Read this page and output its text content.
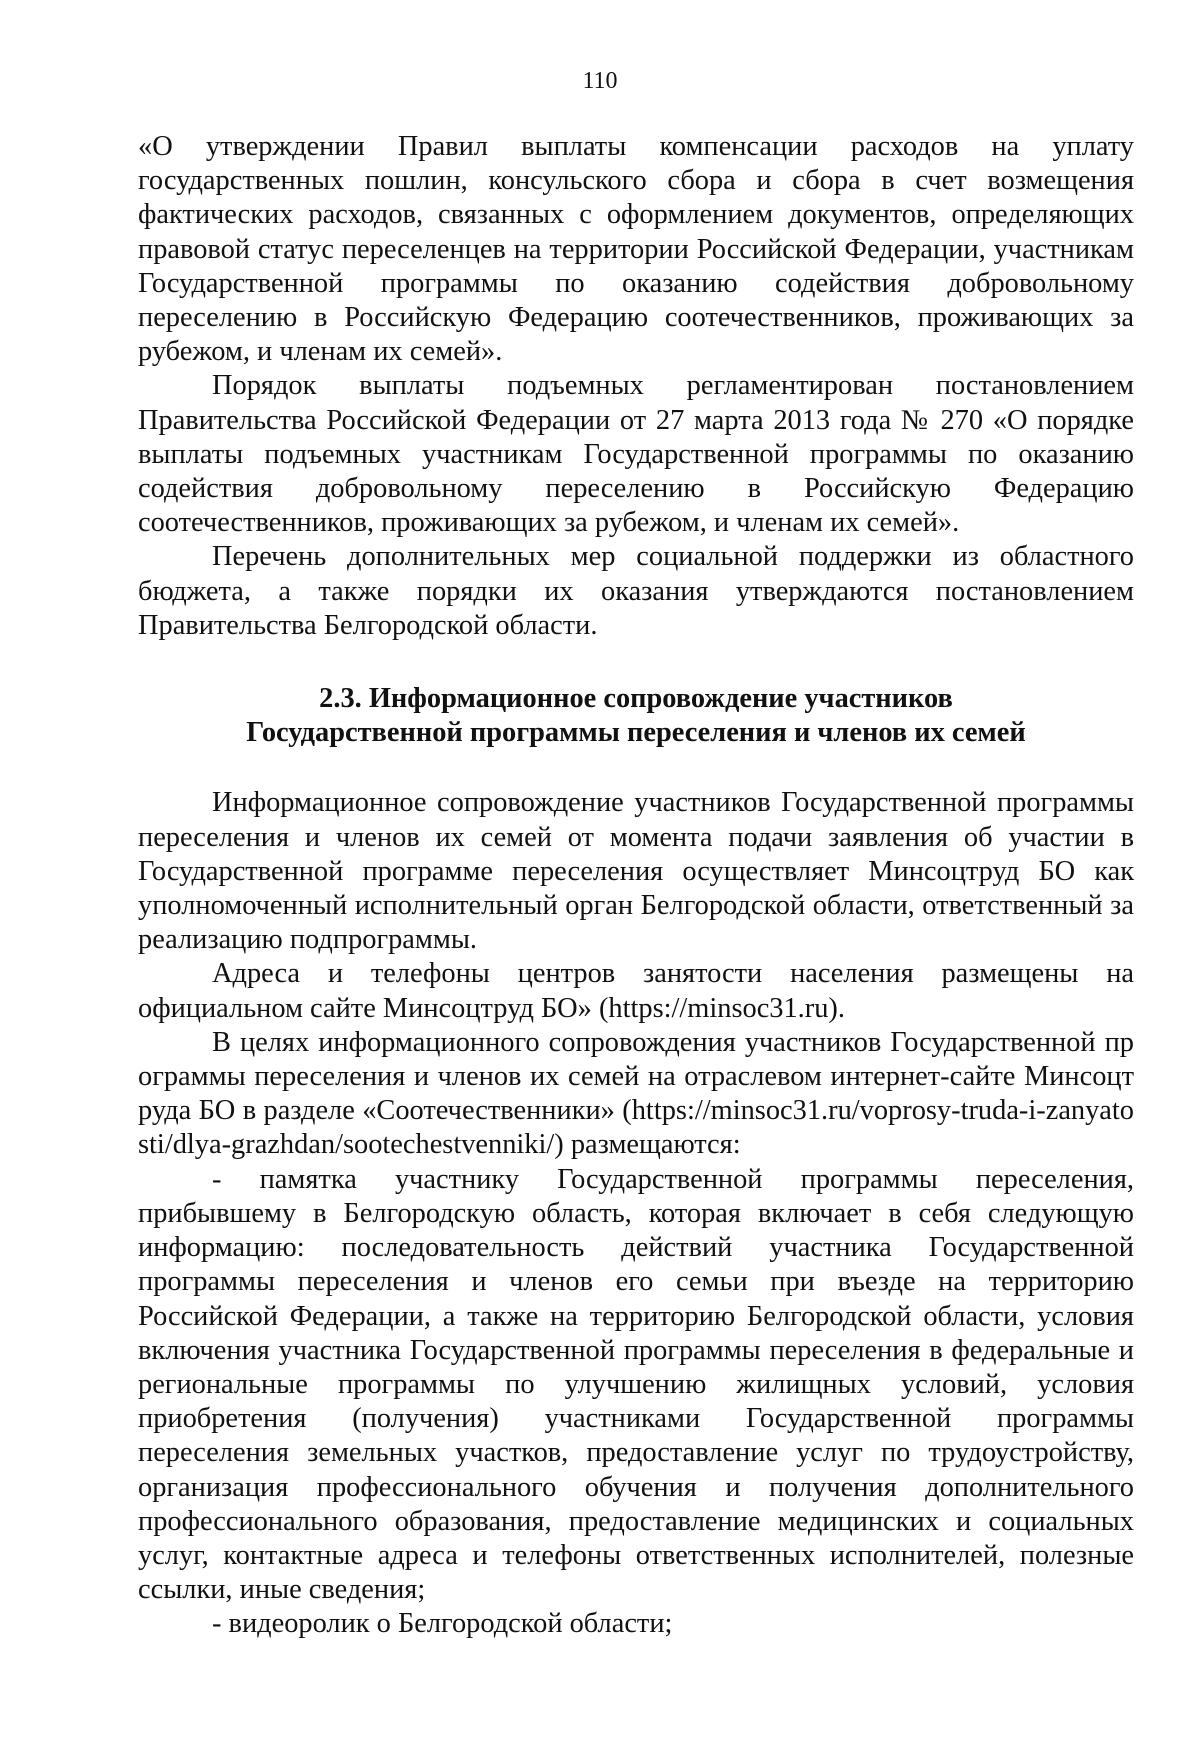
110

«О утверждении Правил выплаты компенсации расходов на уплату государственных пошлин, консульского сбора и сбора в счет возмещения фактических расходов, связанных с оформлением документов, определяющих правовой статус переселенцев на территории Российской Федерации, участникам Государственной программы по оказанию содействия добровольному переселению в Российскую Федерацию соотечественников, проживающих за рубежом, и членам их семей».

Порядок выплаты подъемных регламентирован постановлением Правительства Российской Федерации от 27 марта 2013 года № 270 «О порядке выплаты подъемных участникам Государственной программы по оказанию содействия добровольному переселению в Российскую Федерацию соотечественников, проживающих за рубежом, и членам их семей».

Перечень дополнительных мер социальной поддержки из областного бюджета, а также порядки их оказания утверждаются постановлением Правительства Белгородской области.

2.3. Информационное сопровождение участников
Государственной программы переселения и членов их семей

Информационное сопровождение участников Государственной программы переселения и членов их семей от момента подачи заявления об участии в Государственной программе переселения осуществляет Минсоцтруд БО как уполномоченный исполнительный орган Белгородской области, ответственный за реализацию подпрограммы.

Адреса и телефоны центров занятости населения размещены на официальном сайте Минсоцтруд БО» (https://minsoc31.ru).

В целях информационного сопровождения участников Государственной программы переселения и членов их семей на отраслевом интернет-сайте Минсоцтруда БО в разделе «Соотечественники» (https://minsoc31.ru/voprosy-truda-i-zanyatosti/dlya-grazhdan/sootechestvenniki/) размещаются:

- памятка участнику Государственной программы переселения, прибывшему в Белгородскую область, которая включает в себя следующую информацию: последовательность действий участника Государственной программы переселения и членов его семьи при въезде на территорию Российской Федерации, а также на территорию Белгородской области, условия включения участника Государственной программы переселения в федеральные и региональные программы по улучшению жилищных условий, условия приобретения (получения) участниками Государственной программы переселения земельных участков, предоставление услуг по трудоустройству, организация профессионального обучения и получения дополнительного профессионального образования, предоставление медицинских и социальных услуг, контактные адреса и телефоны ответственных исполнителей, полезные ссылки, иные сведения;

- видеоролик о Белгородской области;
